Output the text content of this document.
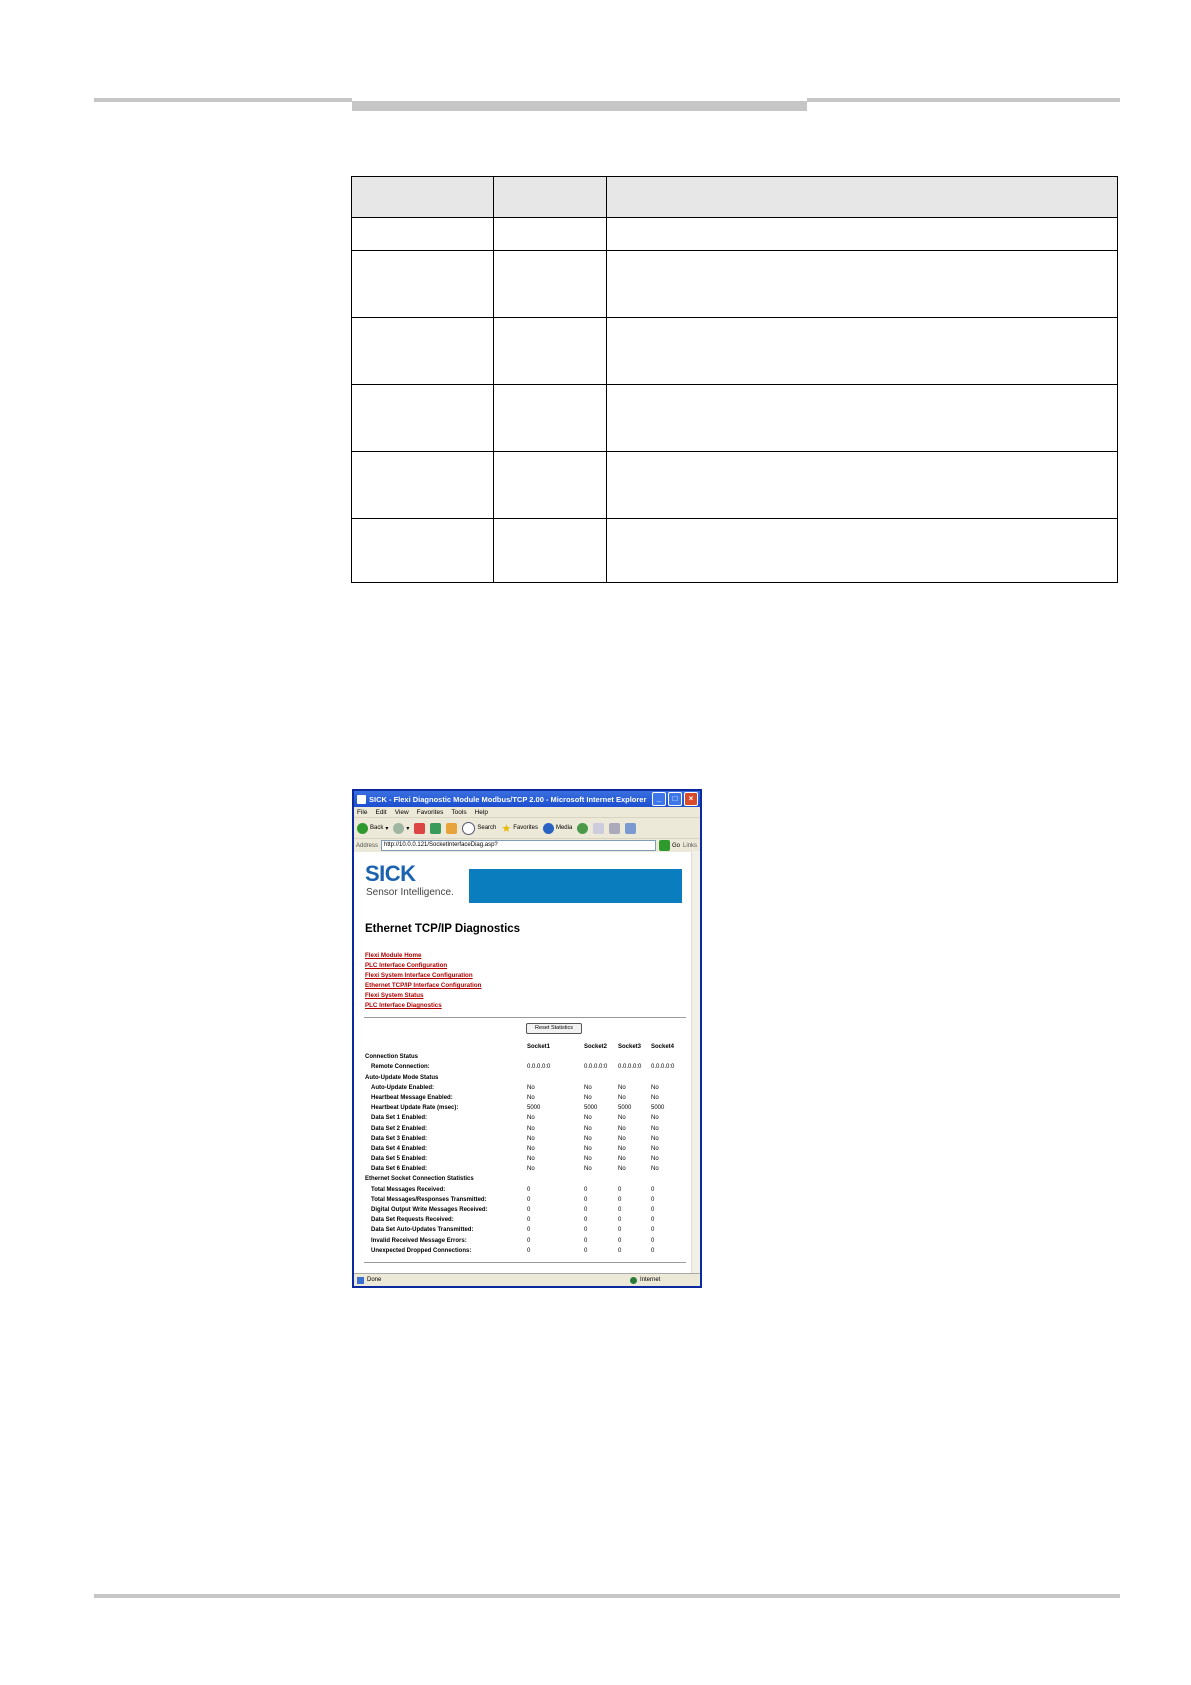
SICK - Flexi Diagnostic Module Modbus/TCP 2.00 - Microsoft Internet Explorer	_	□	×
File Edit View Favorites Tools Help
Back ▾	▾	Search ★ Favorites	Media
Address	http://10.0.0.121/SocketInterfaceDiag.asp?	Go Links
SICK
Sensor Intelligence.
Ethernet TCP/IP Diagnostics
Flexi Module Home
PLC Interface Configuration
Flexi System Interface Configuration
Ethernet TCP/IP Interface Configuration
Flexi System Status
PLC Interface Diagnostics
Reset Statistics
Socket1	Socket2	Socket3	Socket4
Connection Status
Remote Connection:	0.0.0.0:0	0.0.0.0:0	0.0.0.0:0	0.0.0.0:0
Auto-Update Mode Status
Auto-Update Enabled:	No	No	No	No
Heartbeat Message Enabled:	No	No	No	No
Heartbeat Update Rate (msec):	5000	5000	5000	5000
Data Set 1 Enabled:	No	No	No	No
Data Set 2 Enabled:	No	No	No	No
Data Set 3 Enabled:	No	No	No	No
Data Set 4 Enabled:	No	No	No	No
Data Set 5 Enabled:	No	No	No	No
Data Set 6 Enabled:	No	No	No	No
Ethernet Socket Connection Statistics
Total Messages Received:	0	0	0	0
Total Messages/Responses Transmitted:	0	0	0	0
Digital Output Write Messages Received:	0	0	0	0
Data Set Requests Received:	0	0	0	0
Data Set Auto-Updates Transmitted:	0	0	0	0
Invalid Received Message Errors:	0	0	0	0
Unexpected Dropped Connections:	0	0	0	0
Done	Internet
